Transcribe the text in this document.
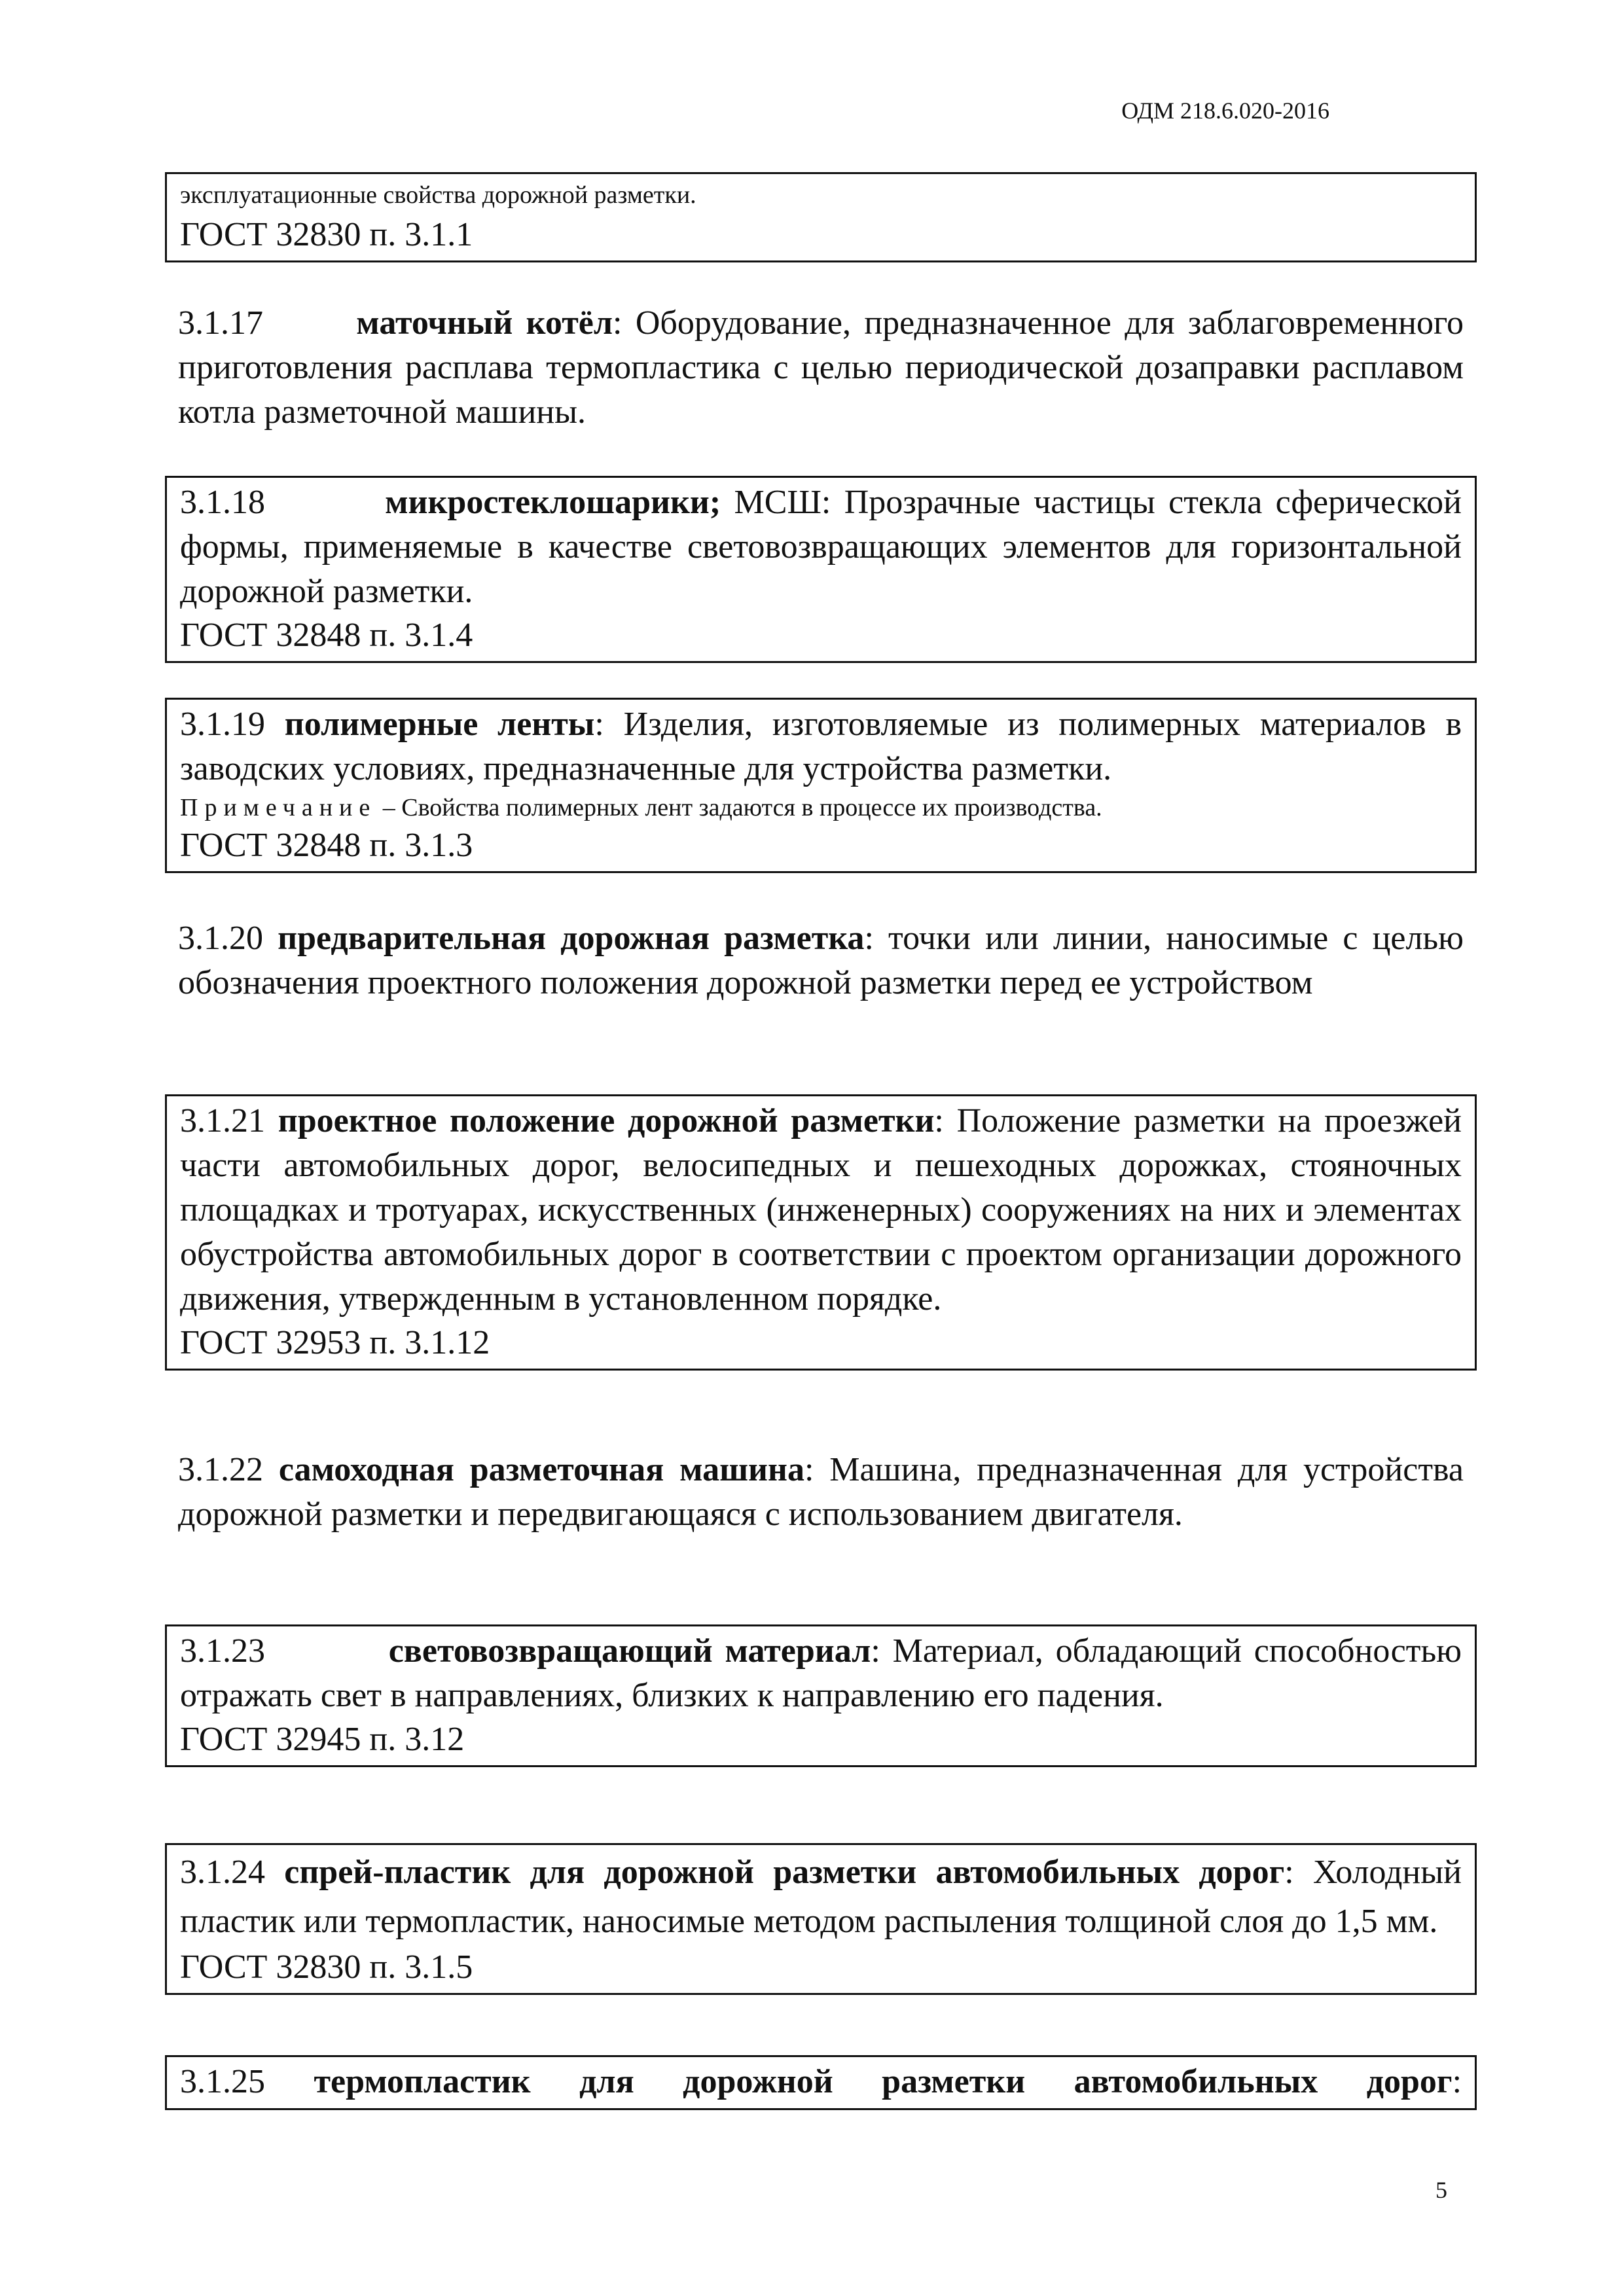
ОДМ 218.6.020-2016

эксплуатационные свойства дорожной разметки.

ГОСТ 32830 п. 3.1.1

3.1.17	маточный котёл: Оборудование, предназначенное для заблаговременного приготовления расплава термопластика с целью периодической дозаправки расплавом котла разметочной машины.

3.1.18	микростеклошарики; МСШ: Прозрачные частицы стекла сферической формы, применяемые в качестве световозвращающих элементов для горизонтальной дорожной разметки.

ГОСТ 32848 п. 3.1.4

3.1.19 полимерные ленты: Изделия, изготовляемые из полимерных материалов в заводских условиях, предназначенные для устройства разметки.

Примечание – Свойства полимерных лент задаются в процессе их производства.

ГОСТ 32848 п. 3.1.3

3.1.20 предварительная дорожная разметка: точки или линии, наносимые с целью обозначения проектного положения дорожной разметки перед ее устройством

3.1.21 проектное положение дорожной разметки: Положение разметки на проезжей части автомобильных дорог, велосипедных и пешеходных дорожках, стояночных площадках и тротуарах, искусственных (инженерных) сооружениях на них и элементах обустройства автомобильных дорог в соответствии с проектом организации дорожного движения, утвержденным в установленном порядке.

ГОСТ 32953 п. 3.1.12

3.1.22 самоходная разметочная машина: Машина, предназначенная для устройства дорожной разметки и передвигающаяся с использованием двигателя.

3.1.23	световозвращающий материал: Материал, обладающий способностью отражать свет в направлениях, близких к направлению его падения.

ГОСТ 32945 п. 3.12

3.1.24 спрей-пластик для дорожной разметки автомобильных дорог: Холодный пластик или термопластик, наносимые методом распыления толщиной слоя до 1,5 мм.

ГОСТ 32830 п. 3.1.5

3.1.25 термопластик для дорожной разметки автомобильных дорог:

5
